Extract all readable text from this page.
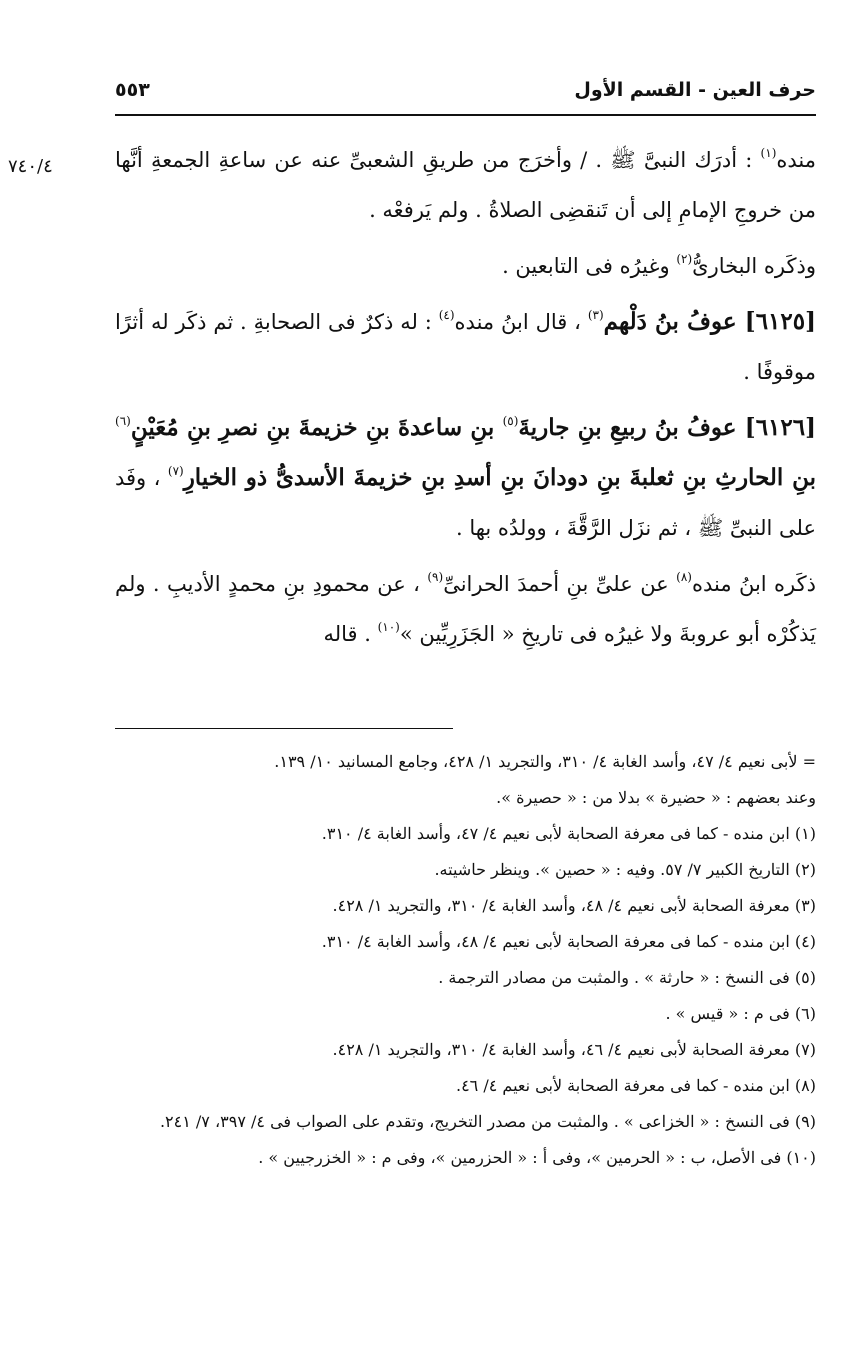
حرف العين - القسم الأول
٥٥٣
٧٤٠/٤	منده$^{(١)}$ : أدرَك النبىَّ ﷺ . / وأخرَج من طريقِ الشعبىِّ عنه عن ساعةِ الجمعةِ أنَّها من خروجِ الإمامِ إلى أن تَنقضِى الصلاةُ . ولم يَرفعْه .

وذكَره البخارىُّ$^{(٢)}$ وغيرُه فى التابعين .

[٦١٢٥] عوفُ بنُ دَلْهم$^{(٣)}$ ، قال ابنُ منده$^{(٤)}$ : له ذكرٌ فى الصحابةِ . ثم ذكَر له أثرًا موقوفًا .

[٦١٢٦] عوفُ بنُ ربيعِ بنِ جاريةَ$^{(٥)}$ بنِ ساعدةَ بنِ خزيمةَ بنِ نصرِ بنِ مُعَيْنٍ$^{(٦)}$ بنِ الحارثِ بنِ ثعلبةَ بنِ دودانَ بنِ أسدِ بنِ خزيمةَ الأسدىُّ ذو الخيارِ$^{(٧)}$ ، وفَد على النبىِّ ﷺ ، ثم نزَل الرَّقَّةَ ، وولدُه بها .

ذكَره ابنُ منده$^{(٨)}$ عن علىِّ بنِ أحمدَ الحرانىِّ$^{(٩)}$ ، عن محمودِ بنِ محمدٍ الأديبِ . ولم يَذكُرْه أبو عروبةَ ولا غيرُه فى تاريخِ « الجَزَرِيِّين »$^{(١٠)}$ . قاله

= لأبى نعيم ٤/ ٤٧، وأسد الغابة ٤/ ٣١٠، والتجريد ١/ ٤٢٨، وجامع المسانيد ١٠/ ١٣٩.

وعند بعضهم : « حضيرة » بدلا من : « حصيرة ».

(١) ابن منده - كما فى معرفة الصحابة لأبى نعيم ٤/ ٤٧، وأسد الغابة ٤/ ٣١٠.

(٢) التاريخ الكبير ٧/ ٥٧. وفيه : « حصين ». وينظر حاشيته.

(٣) معرفة الصحابة لأبى نعيم ٤/ ٤٨، وأسد الغابة ٤/ ٣١٠، والتجريد ١/ ٤٢٨.

(٤) ابن منده - كما فى معرفة الصحابة لأبى نعيم ٤/ ٤٨، وأسد الغابة ٤/ ٣١٠.

(٥) فى النسخ : « حارثة » . والمثبت من مصادر الترجمة .

(٦) فى م : « قيس » .

(٧) معرفة الصحابة لأبى نعيم ٤/ ٤٦، وأسد الغابة ٤/ ٣١٠، والتجريد ١/ ٤٢٨.

(٨) ابن منده - كما فى معرفة الصحابة لأبى نعيم ٤/ ٤٦.

(٩) فى النسخ : « الخزاعى » . والمثبت من مصدر التخريج، وتقدم على الصواب فى ٤/ ٣٩٧، ٧/ ٢٤١.

(١٠) فى الأصل، ب : « الحرمين »، وفى أ : « الحزرمين »، وفى م : « الخزرجيين » .
